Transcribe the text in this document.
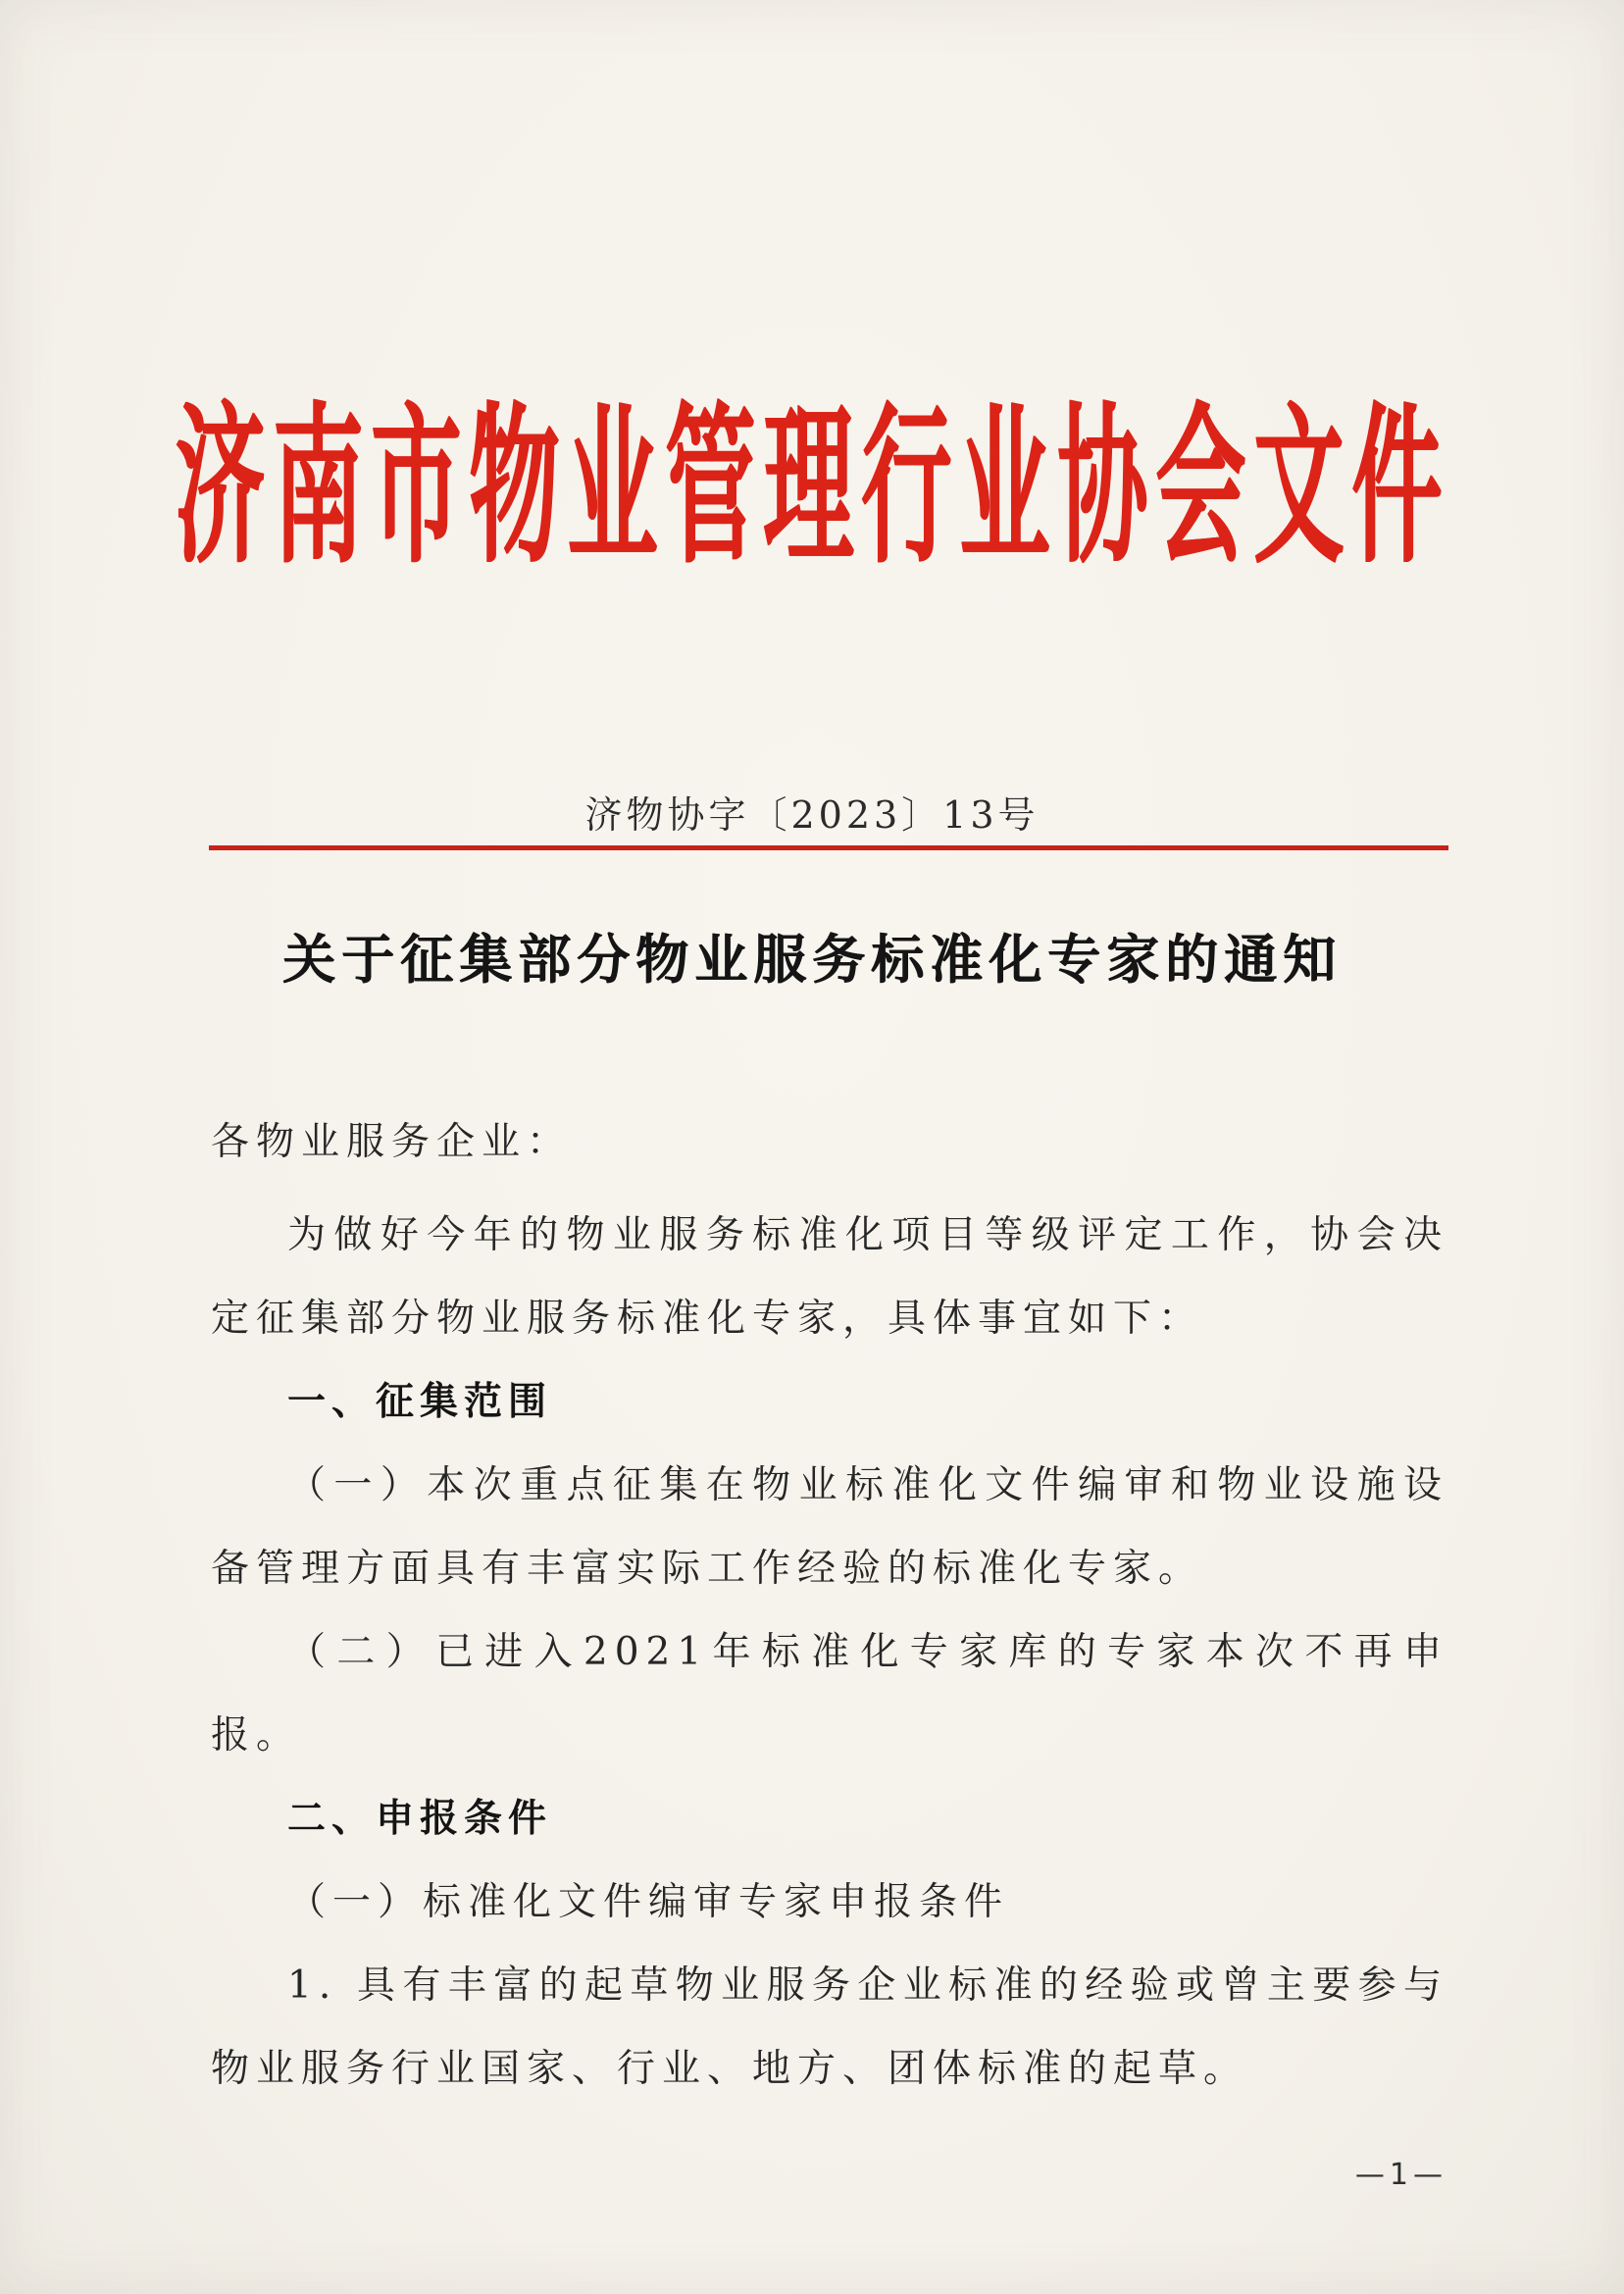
济南市物业管理行业协会文件
济物协字〔2023〕13号
关于征集部分物业服务标准化专家的通知

各物业服务企业：

为做好今年的物业服务标准化项目等级评定工作，协会决定征集部分物业服务标准化专家，具体事宜如下：

一、征集范围

（一）本次重点征集在物业标准化文件编审和物业设施设备管理方面具有丰富实际工作经验的标准化专家。

（二）已进入2021年标准化专家库的专家本次不再申报。

二、申报条件

（一）标准化文件编审专家申报条件

1. 具有丰富的起草物业服务企业标准的经验或曾主要参与物业服务行业国家、行业、地方、团体标准的起草。

—1—
